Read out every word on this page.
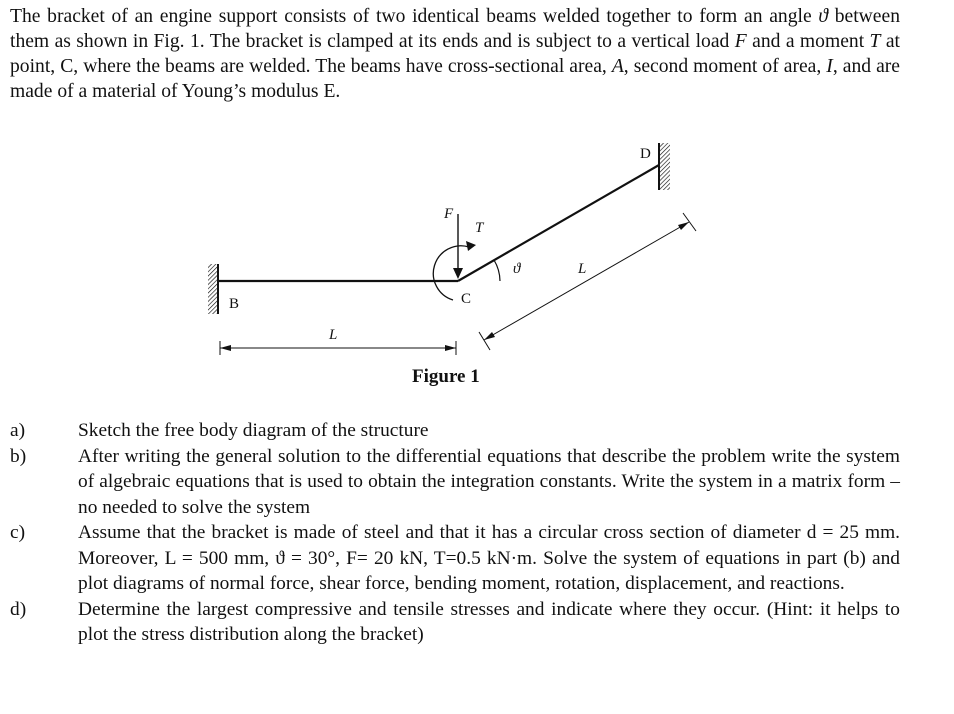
The bracket of an engine support consists of two identical beams welded together to form an angle ϑ between them as shown in Fig. 1. The bracket is clamped at its ends and is subject to a vertical load F and a moment T at point, C, where the beams are welded. The beams have cross-sectional area, A, second moment of area, I, and are made of a material of Young’s modulus E.
B	C
D
F
T
ϑ
L
L
Figure 1
a)	Sketch the free body diagram of the structure
b)	After writing the general solution to the differential equations that describe the problem write the system of algebraic equations that is used to obtain the integration constants. Write the system in a matrix form – no needed to solve the system
c)	Assume that the bracket is made of steel and that it has a circular cross section of diameter d = 25 mm. Moreover, L = 500 mm, ϑ = 30°, F= 20 kN, T=0.5 kN·m. Solve the system of equations in part (b) and plot diagrams of normal force, shear force, bending moment, rotation, displacement, and reactions.
d)	Determine the largest compressive and tensile stresses and indicate where they occur. (Hint: it helps to plot the stress distribution along the bracket)
